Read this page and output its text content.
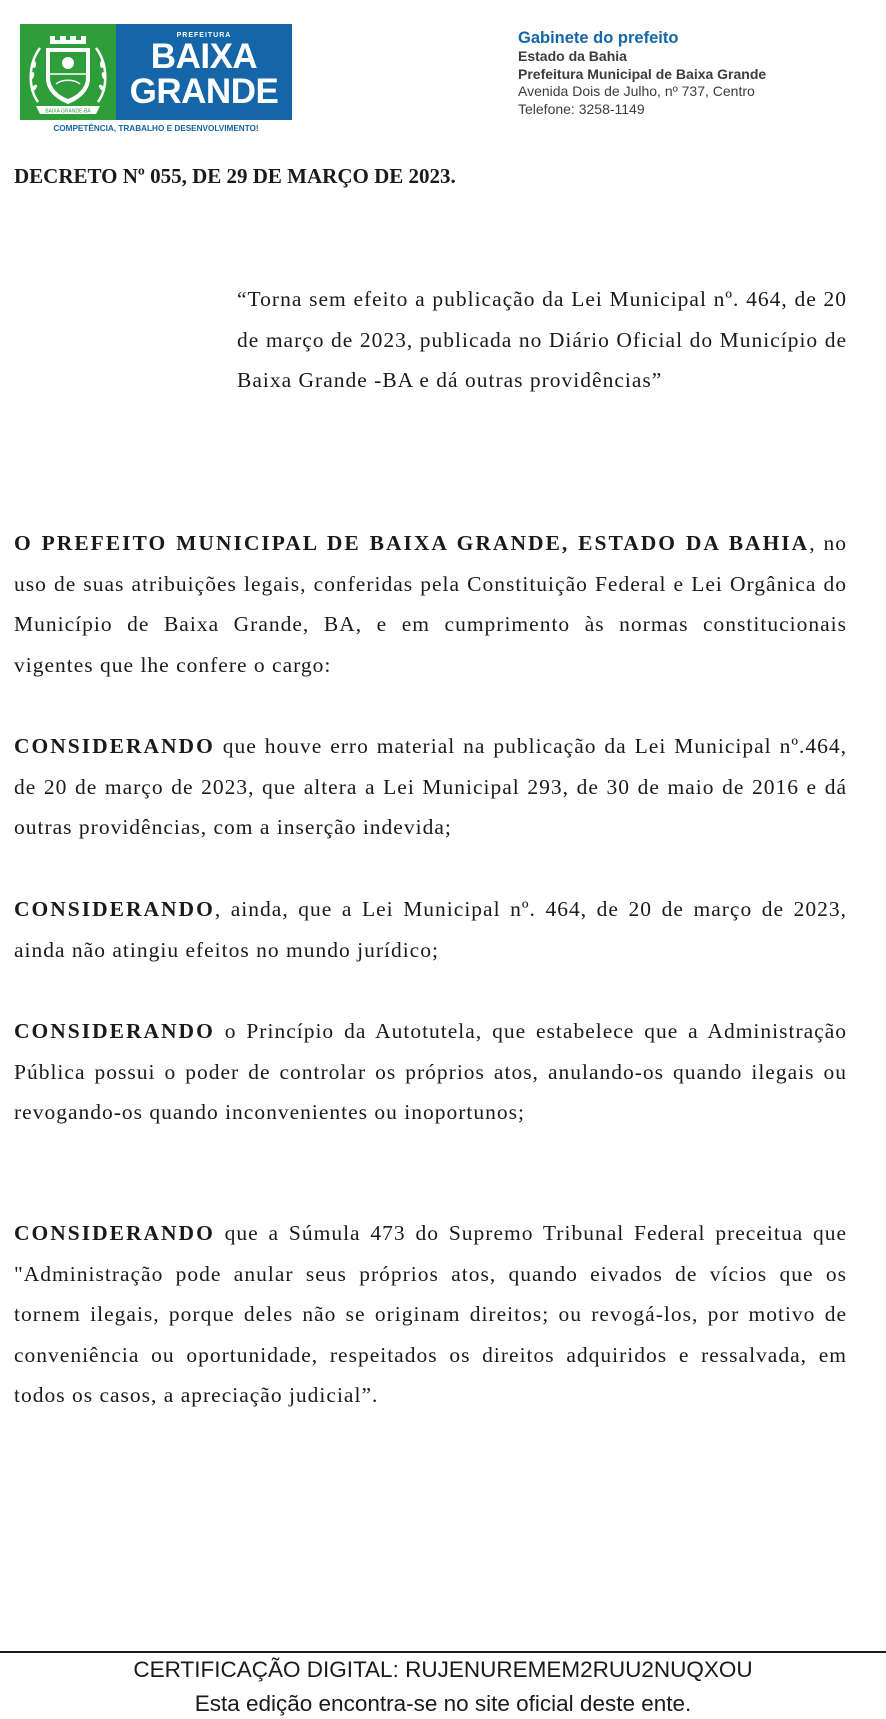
BAIXA GRANDE-BA
PREFEITURA
BAIXA
GRANDE
COMPETÊNCIA, TRABALHO E DESENVOLVIMENTO!
Gabinete do prefeito
Estado da Bahia
Prefeitura Municipal de Baixa Grande
Avenida Dois de Julho, nº 737, Centro
Telefone: 3258-1149
DECRETO Nº 055, DE 29 DE MARÇO DE 2023.
“Torna sem efeito a publicação da Lei Municipal nº. 464, de 20 de março de 2023, publicada no Diário Oficial do Município de Baixa Grande -BA e dá outras providências”
O PREFEITO MUNICIPAL DE BAIXA GRANDE, ESTADO DA BAHIA, no uso de suas atribuições legais, conferidas pela Constituição Federal e Lei Orgânica do Município de Baixa Grande, BA, e em cumprimento às normas constitucionais vigentes que lhe confere o cargo:
CONSIDERANDO que houve erro material na publicação da Lei Municipal nº.464, de 20 de março de 2023, que altera a Lei Municipal 293, de 30 de maio de 2016 e dá outras providências, com a inserção indevida;
CONSIDERANDO, ainda, que a Lei Municipal nº. 464, de 20 de março de 2023, ainda não atingiu efeitos no mundo jurídico;
CONSIDERANDO o Princípio da Autotutela, que estabelece que a Administração Pública possui o poder de controlar os próprios atos, anulando-os quando ilegais ou revogando-os quando inconvenientes ou inoportunos;
CONSIDERANDO que a Súmula 473 do Supremo Tribunal Federal preceitua que "Administração pode anular seus próprios atos, quando eivados de vícios que os tornem ilegais, porque deles não se originam direitos; ou revogá-los, por motivo de conveniência ou oportunidade, respeitados os direitos adquiridos e ressalvada, em todos os casos, a apreciação judicial”.
CERTIFICAÇÃO DIGITAL: RUJENUREMEM2RUU2NUQXOU
Esta edição encontra-se no site oficial deste ente.
